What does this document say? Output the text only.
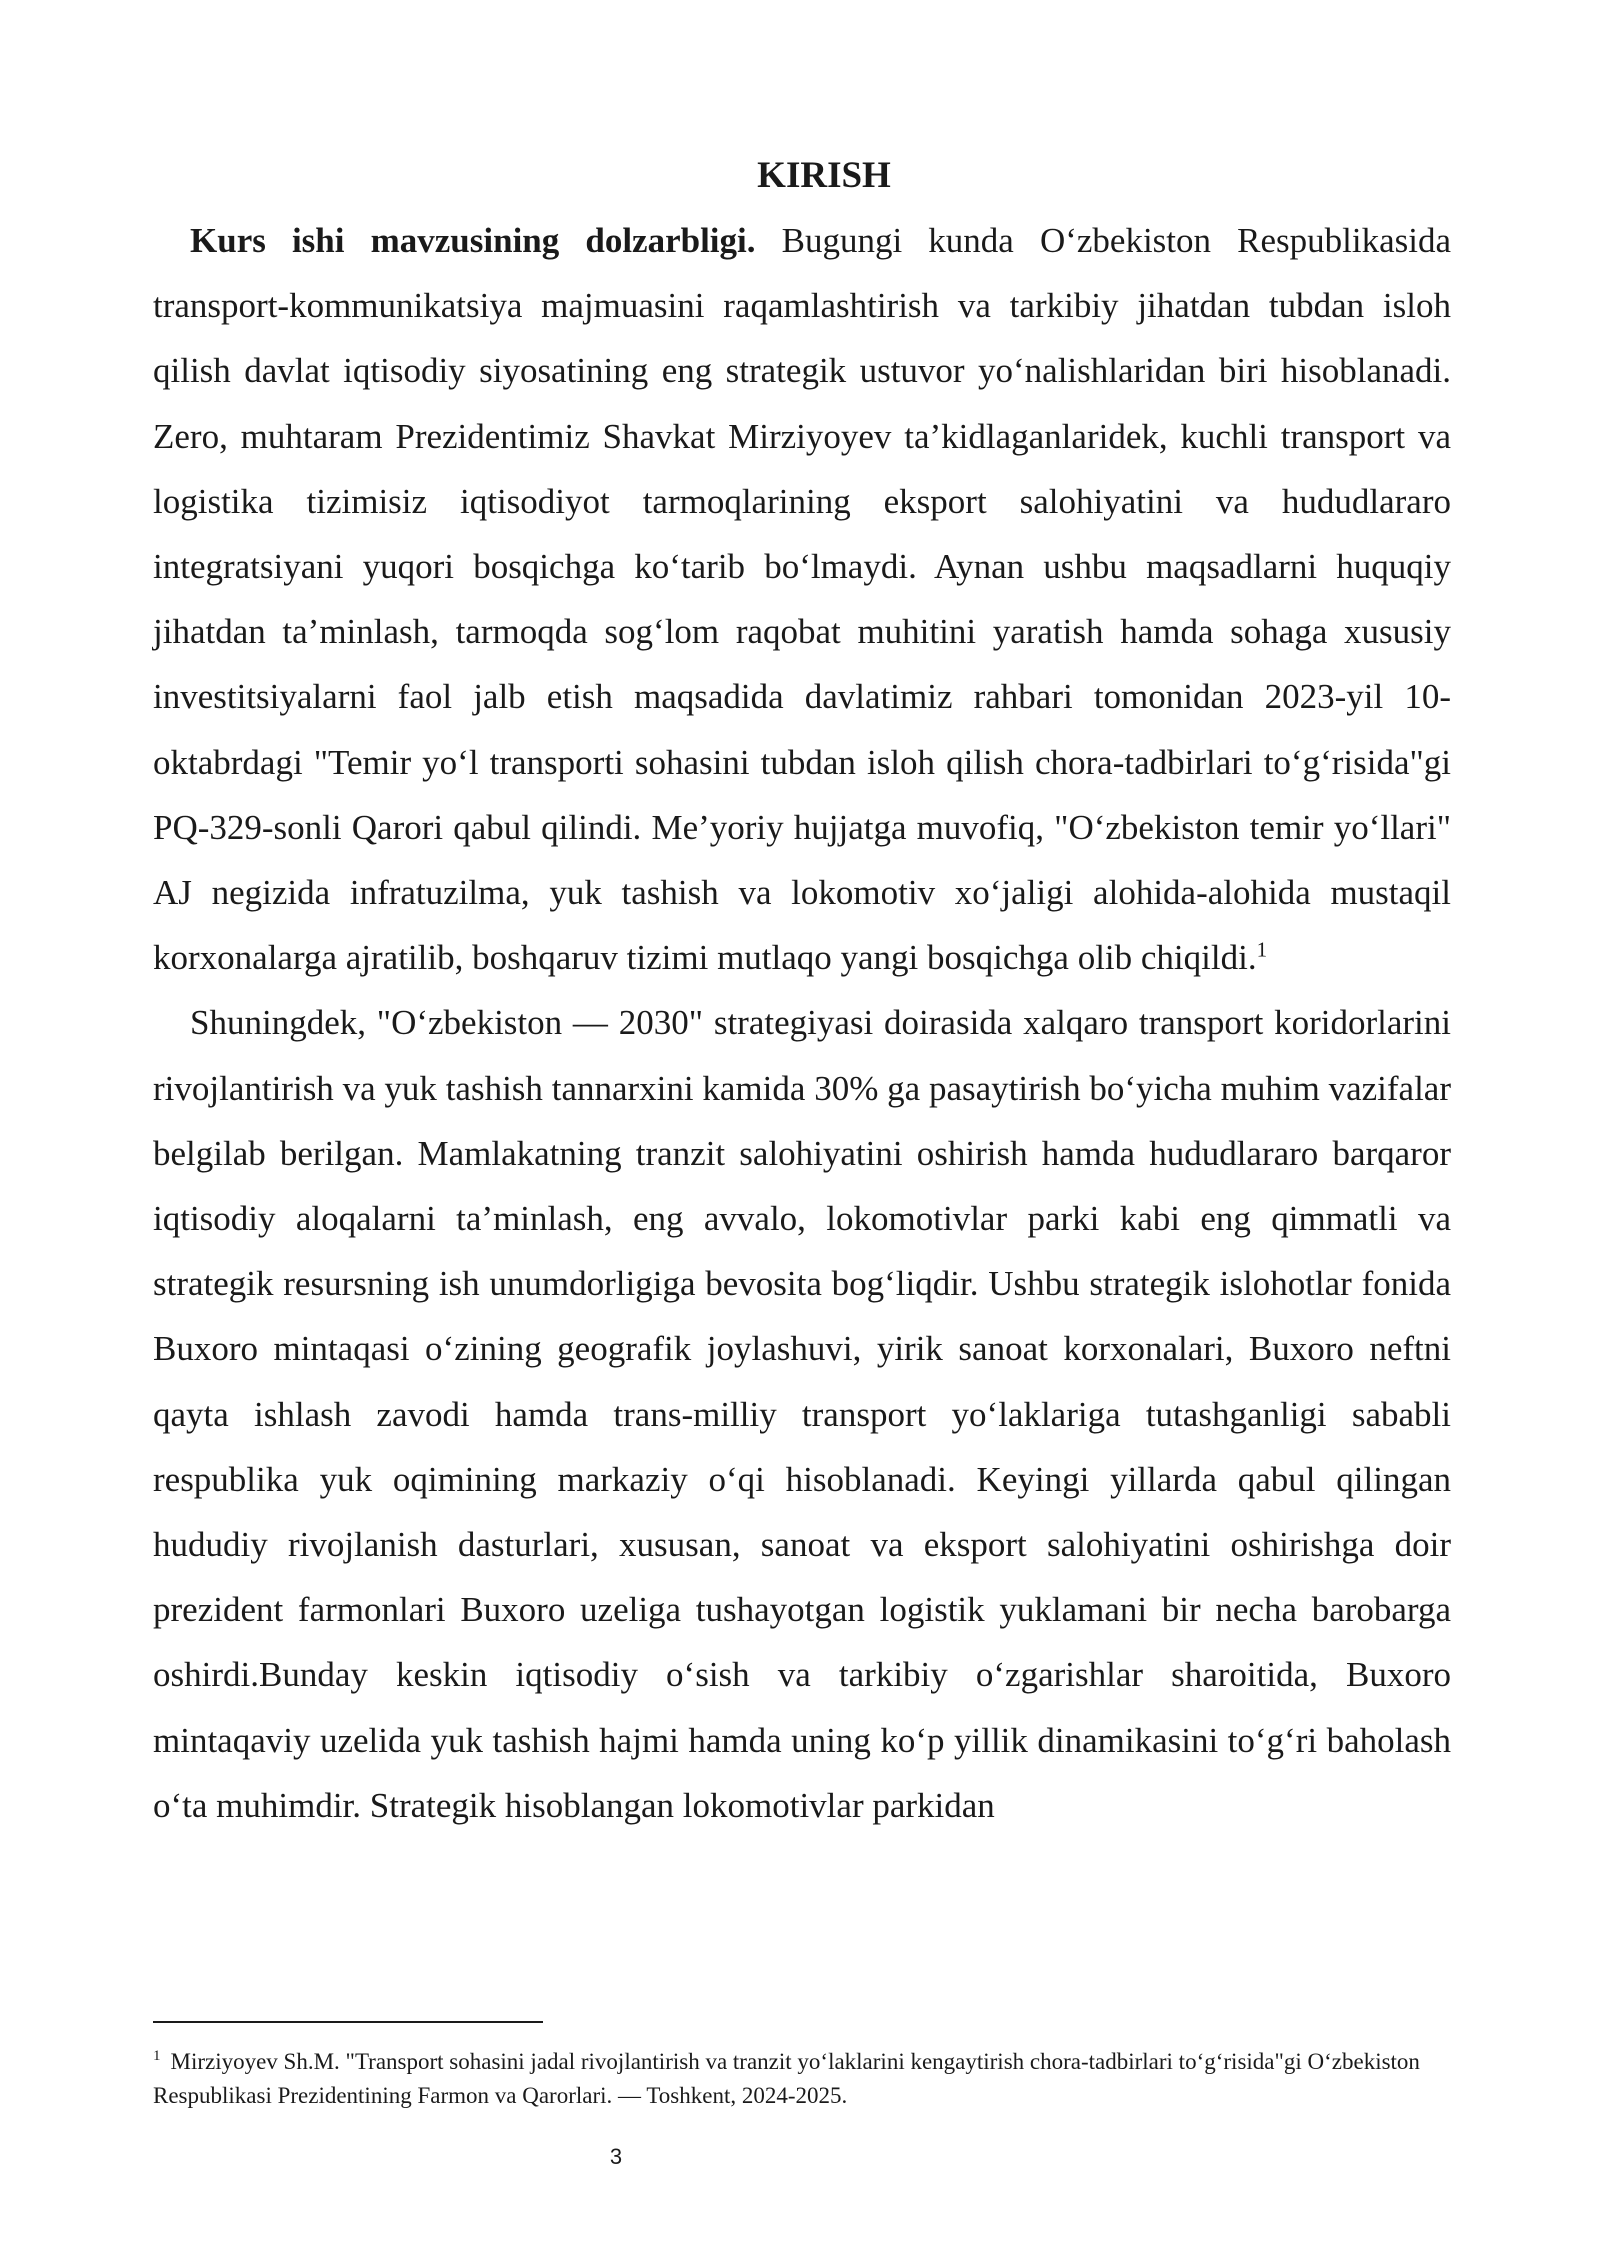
KIRISH

Kurs ishi mavzusining dolzarbligi. Bugungi kunda O‘zbekiston Respublikasida transport-kommunikatsiya majmuasini raqamlashtirish va tarkibiy jihatdan tubdan isloh qilish davlat iqtisodiy siyosatining eng strategik ustuvor yo‘nalishlaridan biri hisoblanadi. Zero, muhtaram Prezidentimiz Shavkat Mirziyoyev ta’kidlaganlaridek, kuchli transport va logistika tizimisiz iqtisodiyot tarmoqlarining eksport salohiyatini va hududlararo integratsiyani yuqori bosqichga ko‘tarib bo‘lmaydi. Aynan ushbu maqsadlarni huquqiy jihatdan ta’minlash, tarmoqda sog‘lom raqobat muhitini yaratish hamda sohaga xususiy investitsiyalarni faol jalb etish maqsadida davlatimiz rahbari tomonidan 2023-yil 10-oktabrdagi "Temir yo‘l transporti sohasini tubdan isloh qilish chora-tadbirlari to‘g‘risida"gi PQ-329-sonli Qarori qabul qilindi. Me’yoriy hujjatga muvofiq, "O‘zbekiston temir yo‘llari" AJ negizida infratuzilma, yuk tashish va lokomotiv xo‘jaligi alohida-alohida mustaqil korxonalarga ajratilib, boshqaruv tizimi mutlaqo yangi bosqichga olib chiqildi.$^1$

Shuningdek, "O‘zbekiston — 2030" strategiyasi doirasida xalqaro transport koridorlarini rivojlantirish va yuk tashish tannarxini kamida 30% ga pasaytirish bo‘yicha muhim vazifalar belgilab berilgan. Mamlakatning tranzit salohiyatini oshirish hamda hududlararo barqaror iqtisodiy aloqalarni ta’minlash, eng avvalo, lokomotivlar parki kabi eng qimmatli va strategik resursning ish unumdorligiga bevosita bog‘liqdir. Ushbu strategik islohotlar fonida Buxoro mintaqasi o‘zining geografik joylashuvi, yirik sanoat korxonalari, Buxoro neftni qayta ishlash zavodi hamda trans-milliy transport yo‘laklariga tutashganligi sababli respublika yuk oqimining markaziy o‘qi hisoblanadi. Keyingi yillarda qabul qilingan hududiy rivojlanish dasturlari, xususan, sanoat va eksport salohiyatini oshirishga doir prezident farmonlari Buxoro uzeliga tushayotgan logistik yuklamani bir necha barobarga oshirdi.Bunday keskin iqtisodiy o‘sish va tarkibiy o‘zgarishlar sharoitida, Buxoro mintaqaviy uzelida yuk tashish hajmi hamda uning ko‘p yillik dinamikasini to‘g‘ri baholash o‘ta muhimdir. Strategik hisoblangan lokomotivlar parkidan

$^1$ Mirziyoyev Sh.M. "Transport sohasini jadal rivojlantirish va tranzit yo‘laklarini kengaytirish chora-tadbirlari to‘g‘risida"gi O‘zbekiston Respublikasi Prezidentining Farmon va Qarorlari. — Toshkent, 2024-2025.

3
